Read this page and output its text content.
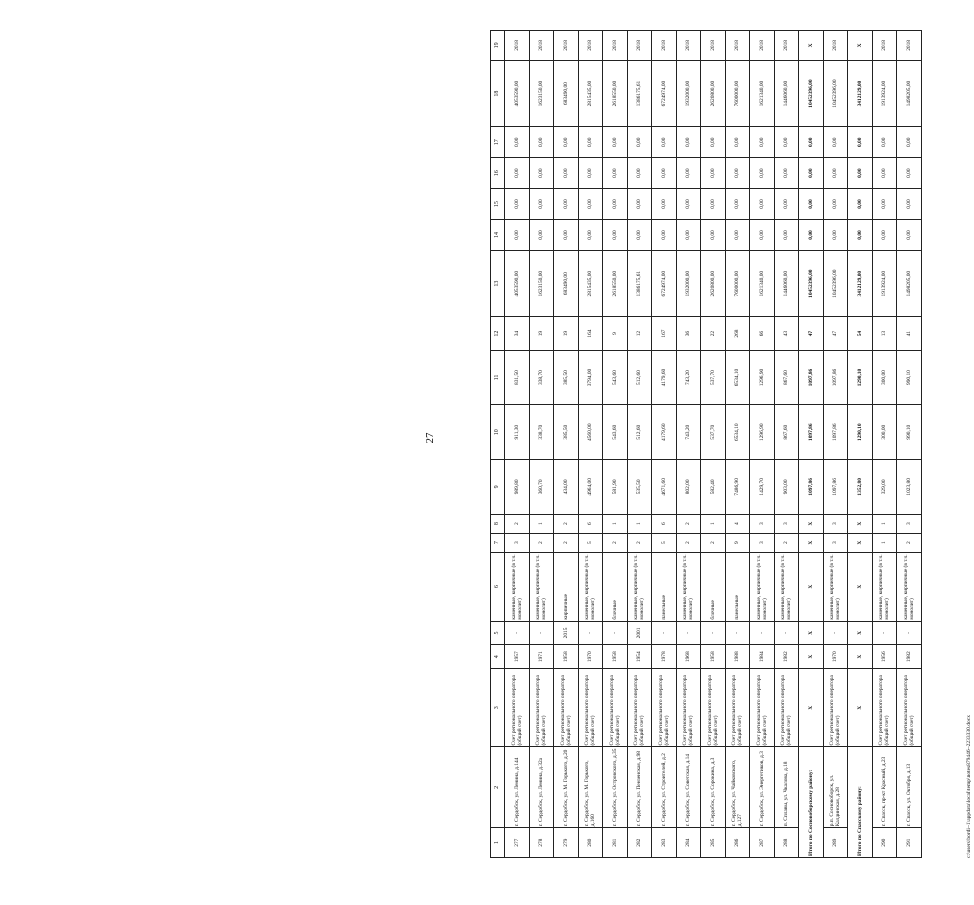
27
1	2	3	4	5	6	7	8	9	10	11	12	13	14	15	16	17	18	19
277	г. Сердобск, ул. Ленина, д.144	Счет регионального оператора (общий счет)	1957	-	каменные, кирпичные (в т.ч. монолит)	3	2	989,80	911,30	831,50	34	4053590,00	0,00	0,00	0,00	0,00	4053590,00	2018
278	г. Сердобск, ул. Ленина, д.32а	Счет регионального оператора (общий счет)	1971	-	каменные, кирпичные (в т.ч. монолит)	2	1	360,70	338,70	338,70	19	1623150,00	0,00	0,00	0,00	0,00	1623150,00	2018
279	г. Сердобск, ул. М. Горького, д.20	Счет регионального оператора (общий счет)	1958	2015	кирпичные	2	2	434,00	385,50	385,50	19	683490,00	0,00	0,00	0,00	0,00	683490,00	2018
280	г. Сердобск, ул. М. Горького, д.160	Счет регионального оператора (общий счет)	1970	-	каменные, кирпичные (в т.ч. монолит)	5	6	4964,00	4560,00	3794,00	164	2815435,00	0,00	0,00	0,00	0,00	2815435,00	2018
281	г. Сердобск, ул. Островского, д.35	Счет регионального оператора (общий счет)	1958	-	блочные	2	1	581,90	543,60	543,60	9	2618550,00	0,00	0,00	0,00	0,00	2618550,00	2018
282	г. Сердобск, ул. Пензенская, д.98	Счет регионального оператора (общий счет)	1954	2001	каменные, кирпичные (в т.ч. монолит)	2	1	535,50	512,60	512,60	12	1386175,61	0,00	0,00	0,00	0,00	1386175,61	2018
283	г. Сердобск, ул. Строителей, д.2	Счет регионального оператора (общий счет)	1978	-	панельные	5	6	4671,60	4179,60	4179,60	167	6724974,00	0,00	0,00	0,00	0,00	6724974,00	2018
284	г. Сердобск, ул. Советская, д.14	Счет регионального оператора (общий счет)	1968	-	каменные, кирпичные (в т.ч. монолит)	2	2	802,00	743,20	743,20	36	1932000,00	0,00	0,00	0,00	0,00	1932000,00	2018
285	г. Сердобск, ул. Сорокина, д.3	Счет регионального оператора (общий счет)	1958	-	блочные	2	1	582,40	537,70	537,70	22	2620800,00	0,00	0,00	0,00	0,00	2620800,00	2018
286	г. Сердобск, ул. Чайковского, д.127	Счет регионального оператора (общий счет)	1988	-	панельные	9	4	7486,90	6534,10	6534,10	268	7600000,00	0,00	0,00	0,00	0,00	7600000,00	2018
287	г. Сердобск, ул. Энергетиков, д.3	Счет регионального оператора (общий счет)	1984	-	каменные, кирпичные (в т.ч. монолит)	3	3	1429,70	1296,90	1296,90	66	1621340,00	0,00	0,00	0,00	0,00	1621340,00	2018
288	п. Сплавы, ул. Чкалова, д.18	Счет регионального оператора (общий счет)	1982	-	каменные, кирпичные (в т.ч. монолит)	2	3	903,00	867,60	867,60	43	1446060,00	0,00	0,00	0,00	0,00	1446060,00	2018
Итого по Сосновоборскому району:		X	X	X	X	X	X	1097,86	1097,86	1097,86	47	10452396,00	0,00	0,00	0,00	0,00	10452396,00	X
289	р.п. Сосновоборск, ул. Калдинская, д.28	Счет регионального оператора (общий счет)	1970	-	каменные, кирпичные (в т.ч. монолит)	3	3	1097,86	1097,86	1097,86	47	10452396,00	0,00	0,00	0,00	0,00	10452396,00	2018
Итого по Спасскому району:		X	X	X	X	X	X	1352,80	1290,10	1290,10	54	3412129,00	0,00	0,00	0,00	0,00	3412129,00	X
290	г. Спасск, пр-кт Красный, д.23	Счет регионального оператора (общий счет)	1956	-	каменные, кирпичные (в т.ч. монолит)	1	1	329,00	300,00	300,00	13	1913924,00	0,00	0,00	0,00	0,00	1913924,00	2018
291	г. Спасск, ул. Октября, д.13	Счет регионального оператора (общий счет)	1982	-	каменные, кирпичные (в т.ч. монолит)	2	3	1023,80	990,10	990,10	41	1498205,00	0,00	0,00	0,00	0,00	1498205,00	2018
c:\users\bordi~1\appdata\local\temp\notes879446~2233330.docx
